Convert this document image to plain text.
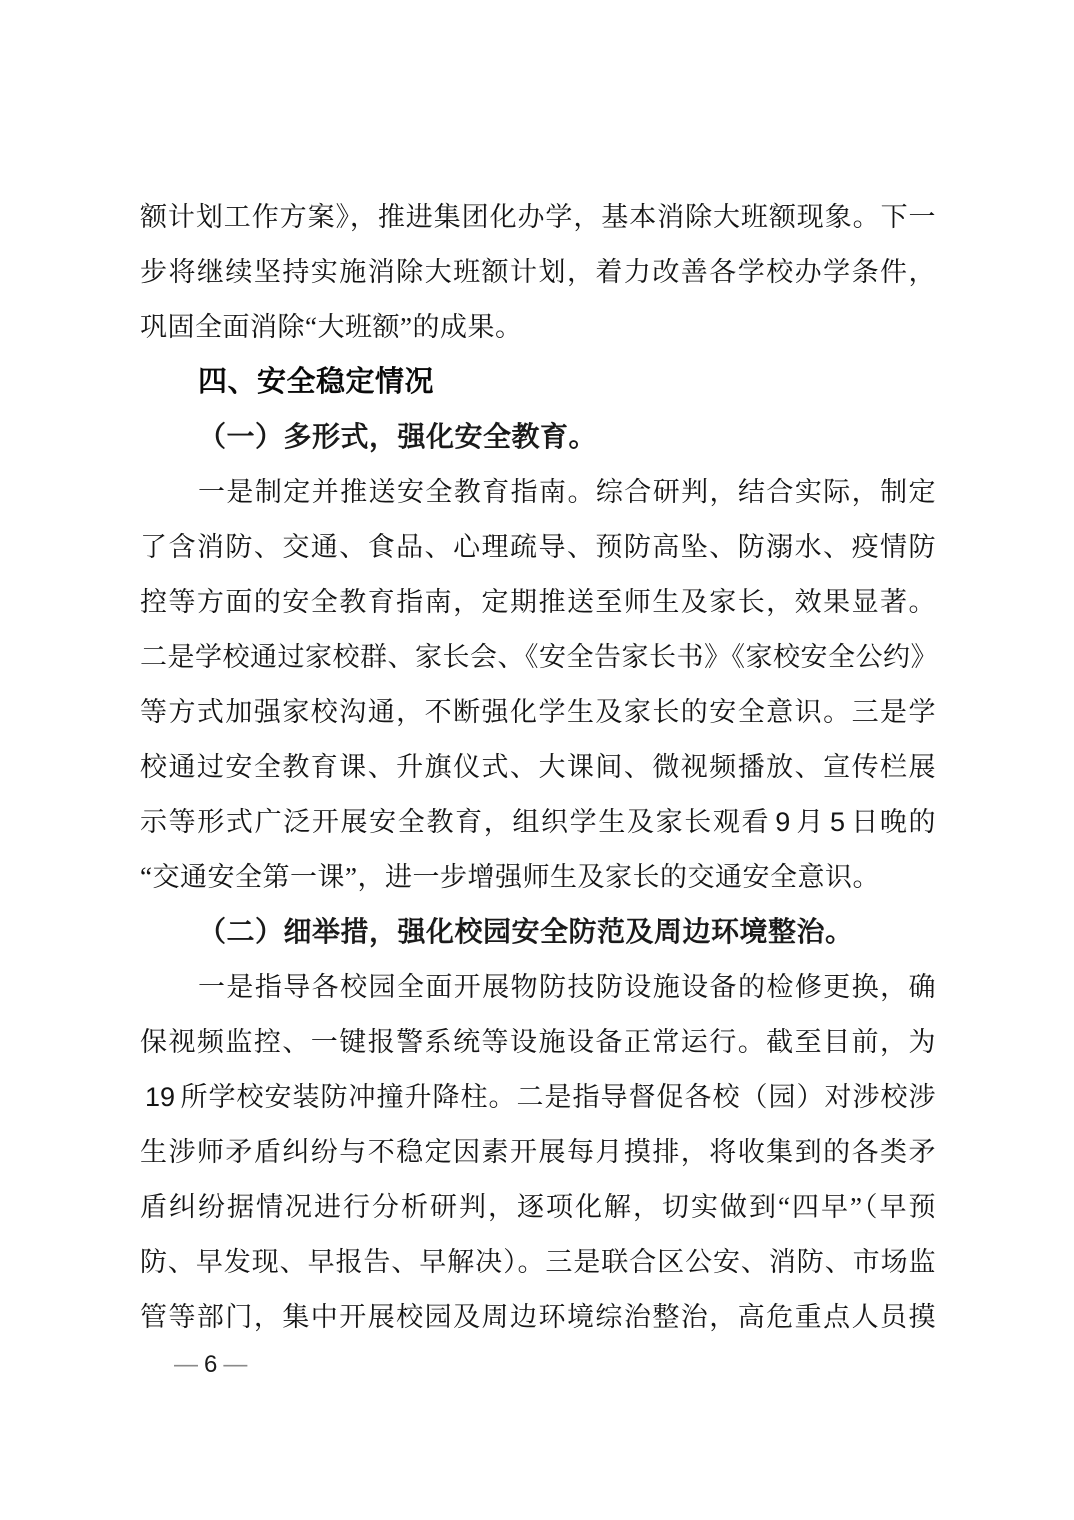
额计划工作方案》，推进集团化办学，基本消除大班额现象。下一
步将继续坚持实施消除大班额计划，着力改善各学校办学条件，
巩固全面消除“大班额”的成果。
四、安全稳定情况
（一）多形式，强化安全教育。
一是制定并推送安全教育指南。综合研判，结合实际，制定
了含消防、交通、食品、心理疏导、预防高坠、防溺水、疫情防
控等方面的安全教育指南，定期推送至师生及家长，效果显著。
二是学校通过家校群、家长会、《安全告家长书》《家校安全公约》
等方式加强家校沟通，不断强化学生及家长的安全意识。三是学
校通过安全教育课、升旗仪式、大课间、微视频播放、宣传栏展
示等形式广泛开展安全教育，组织学生及家长观看 9 月 5 日晚的
“交通安全第一课”，进一步增强师生及家长的交通安全意识。
（二）细举措，强化校园安全防范及周边环境整治。
一是指导各校园全面开展物防技防设施设备的检修更换，确
保视频监控、一键报警系统等设施设备正常运行。截至目前，为
19 所学校安装防冲撞升降柱。二是指导督促各校（园）对涉校涉
生涉师矛盾纠纷与不稳定因素开展每月摸排，将收集到的各类矛
盾纠纷据情况进行分析研判，逐项化解，切实做到“四早”（早预
防、早发现、早报告、早解决）。三是联合区公安、消防、市场监
管等部门，集中开展校园及周边环境综治整治，高危重点人员摸
— 6 —
